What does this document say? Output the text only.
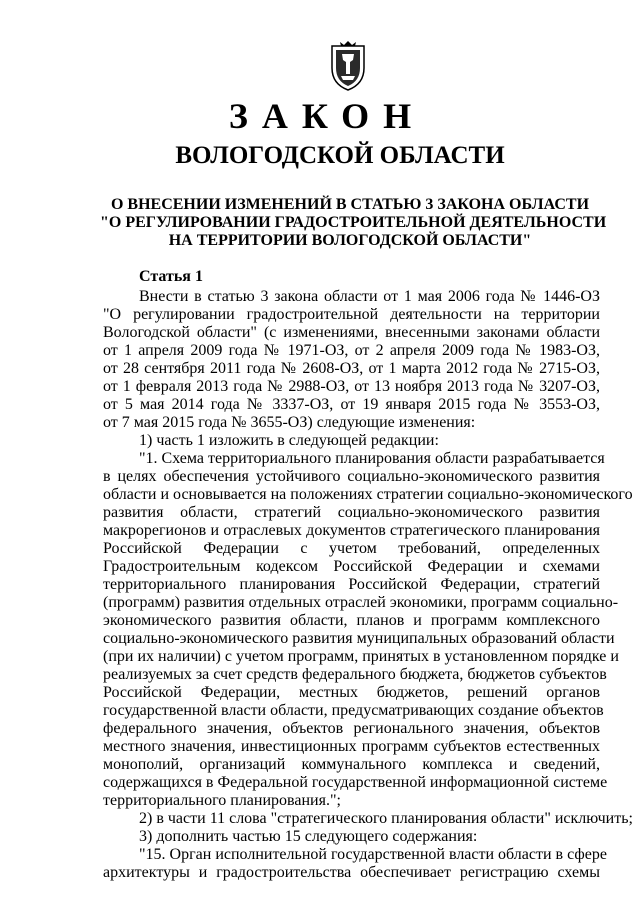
ЗАКОН
ВОЛОГОДСКОЙ ОБЛАСТИ
О ВНЕСЕНИИ ИЗМЕНЕНИЙ В СТАТЬЮ 3 ЗАКОНА ОБЛАСТИ
"О РЕГУЛИРОВАНИИ ГРАДОСТРОИТЕЛЬНОЙ ДЕЯТЕЛЬНОСТИ
НА ТЕРРИТОРИИ ВОЛОГОДСКОЙ ОБЛАСТИ"
Статья 1
Внести в статью 3 закона области от 1 мая 2006 года № 1446-ОЗ
"О регулировании градостроительной деятельности на территории
Вологодской области" (с изменениями, внесенными законами области
от 1 апреля 2009 года № 1971-ОЗ, от 2 апреля 2009 года № 1983-ОЗ,
от 28 сентября 2011 года № 2608-ОЗ, от 1 марта 2012 года № 2715-ОЗ,
от 1 февраля 2013 года № 2988-ОЗ, от 13 ноября 2013 года № 3207-ОЗ,
от 5 мая 2014 года № 3337-ОЗ, от 19 января 2015 года № 3553-ОЗ,
от 7 мая 2015 года № 3655-ОЗ) следующие изменения:
1) часть 1 изложить в следующей редакции:
"1. Схема территориального планирования области разрабатывается
в целях обеспечения устойчивого социально-экономического развития
области и основывается на положениях стратегии социально-экономического
развития области, стратегий социально-экономического развития
макрорегионов и отраслевых документов стратегического планирования
Российской Федерации с учетом требований, определенных
Градостроительным кодексом Российской Федерации и схемами
территориального планирования Российской Федерации, стратегий
(программ) развития отдельных отраслей экономики, программ социально-
экономического развития области, планов и программ комплексного
социально-экономического развития муниципальных образований области
(при их наличии) с учетом программ, принятых в установленном порядке и
реализуемых за счет средств федерального бюджета, бюджетов субъектов
Российской Федерации, местных бюджетов, решений органов
государственной власти области, предусматривающих создание объектов
федерального значения, объектов регионального значения, объектов
местного значения, инвестиционных программ субъектов естественных
монополий, организаций коммунального комплекса и сведений,
содержащихся в Федеральной государственной информационной системе
территориального планирования.";
2) в части 11 слова "стратегического планирования области" исключить;
3) дополнить частью 15 следующего содержания:
"15. Орган исполнительной государственной власти области в сфере
архитектуры и градостроительства обеспечивает регистрацию схемы
